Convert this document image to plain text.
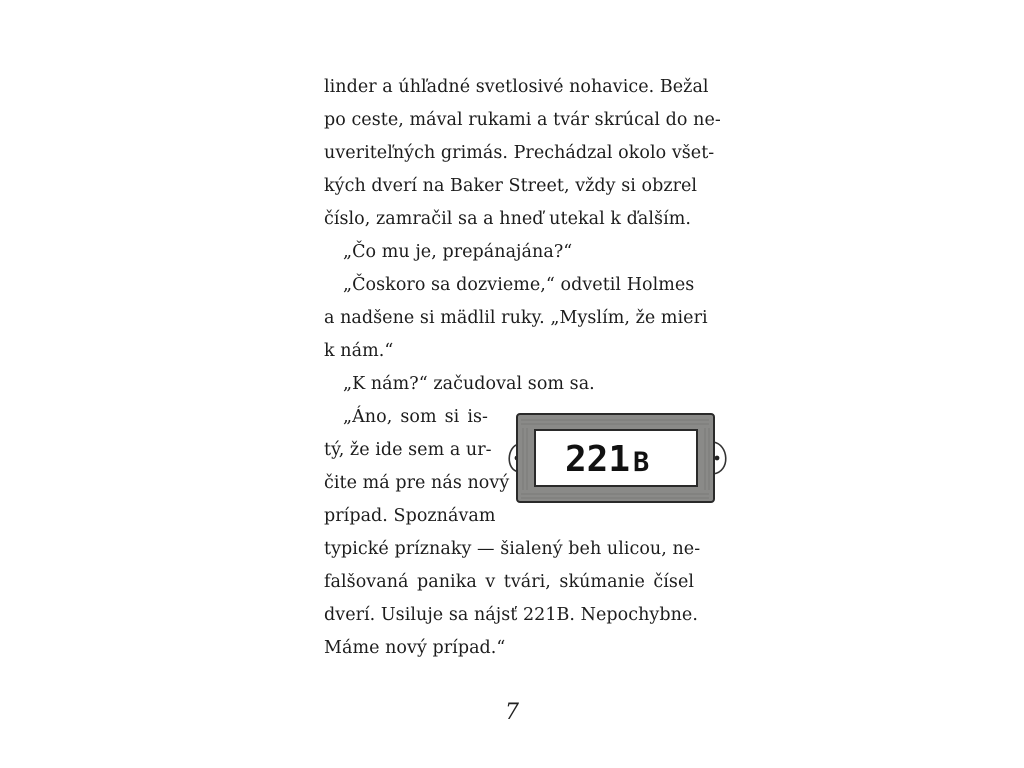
linder a úhľadné svetlosivé nohavice. Bežal
po ceste, mával rukami a tvár skrúcal do ne-
uveriteľných grimás. Prechádzal okolo všet-
kých dverí na Baker Street, vždy si obzrel
číslo, zamračil sa a hneď utekal k ďalším.
„Čo mu je, prepánajána?“
„Čoskoro sa dozvieme,“ odvetil Holmes
a nadšene si mädlil ruky. „Myslím, že mieri
k nám.“
„K nám?“ začudoval som sa.
„Áno, som si is-
tý, že ide sem a ur-
čite má pre nás nový
prípad. Spoznávam
typické príznaky — šialený beh ulicou, ne-
falšovaná panika v tvári, skúmanie čísel
dverí. Usiluje sa nájsť 221B. Nepochybne.
Máme nový prípad.“
221 B
7
